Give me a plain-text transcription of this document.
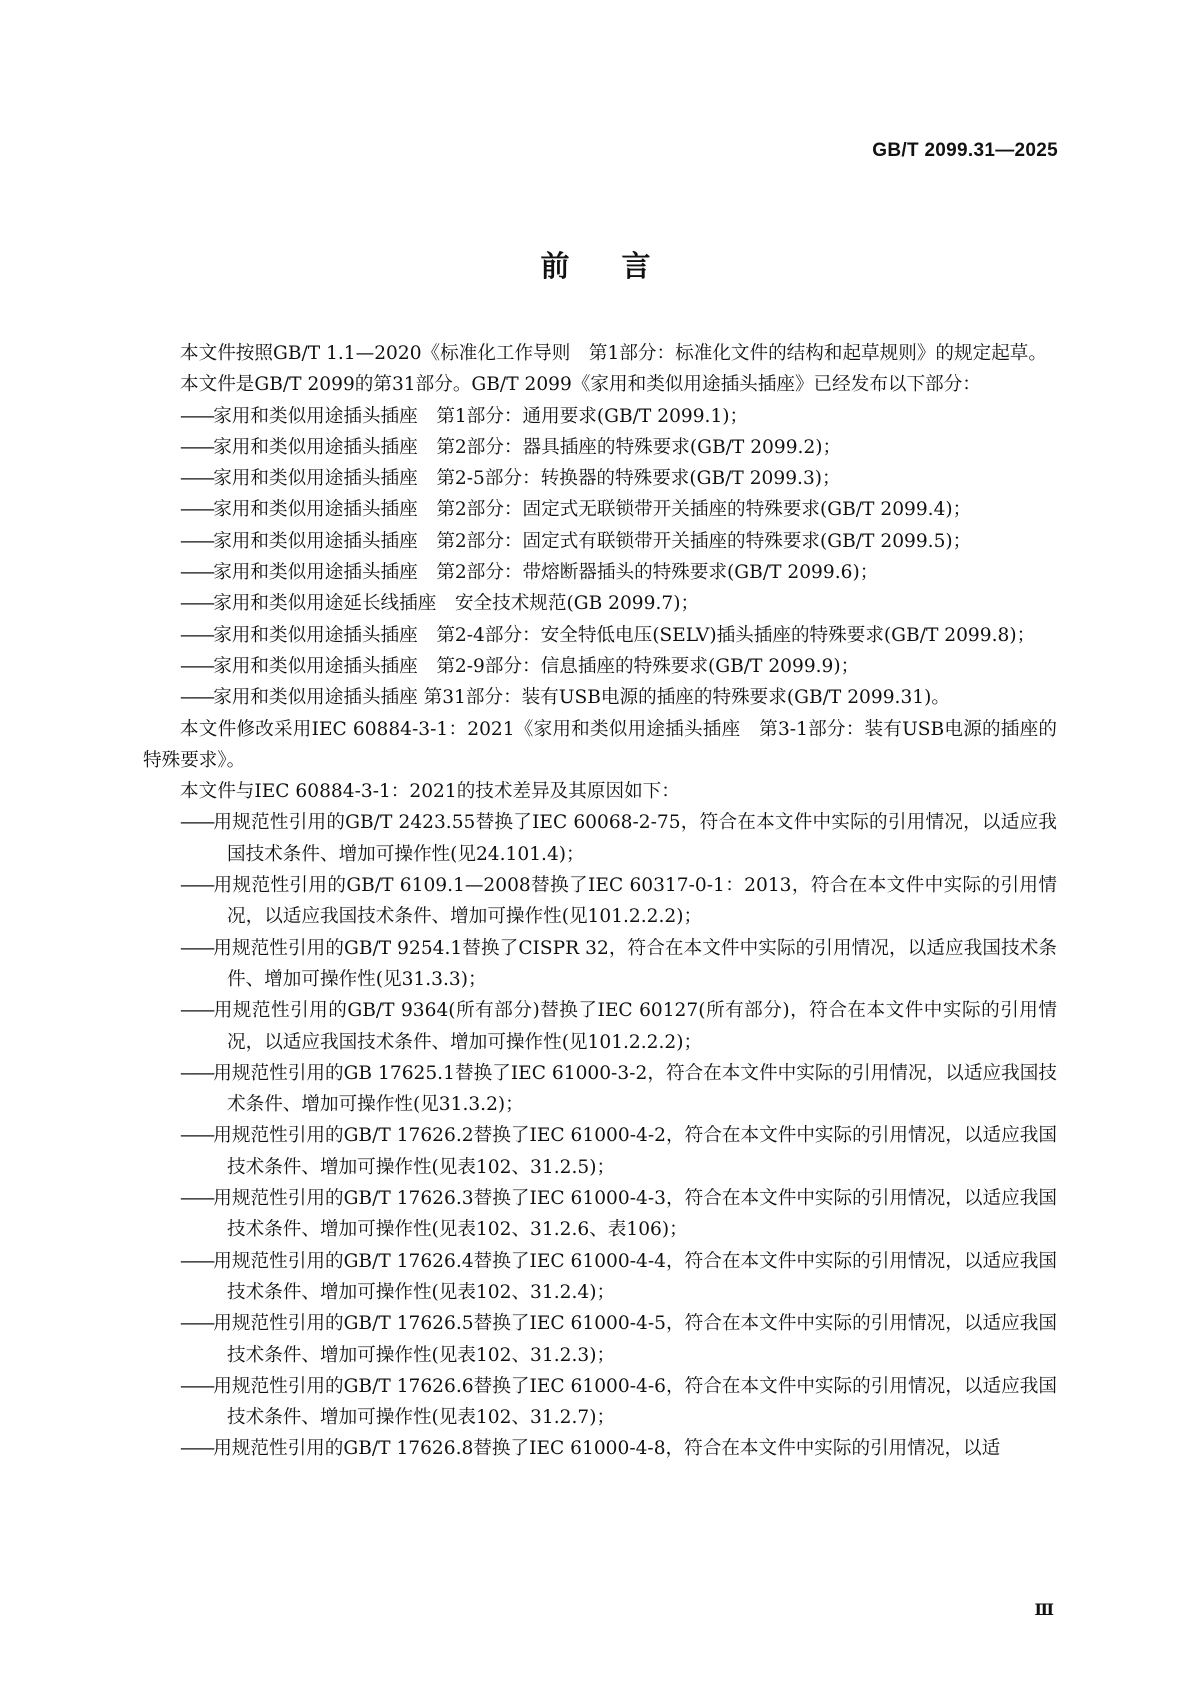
GB/T 2099.31—2025
前言

本文件按照GB/T 1.1—2020《标准化工作导则　第1部分：标准化文件的结构和起草规则》的规定起草。

本文件是GB/T 2099的第31部分。GB/T 2099《家用和类似用途插头插座》已经发布以下部分：

——家用和类似用途插头插座　第1部分：通用要求(GB/T 2099.1)；

——家用和类似用途插头插座　第2部分：器具插座的特殊要求(GB/T 2099.2)；

——家用和类似用途插头插座　第2-5部分：转换器的特殊要求(GB/T 2099.3)；

——家用和类似用途插头插座　第2部分：固定式无联锁带开关插座的特殊要求(GB/T 2099.4)；

——家用和类似用途插头插座　第2部分：固定式有联锁带开关插座的特殊要求(GB/T 2099.5)；

——家用和类似用途插头插座　第2部分：带熔断器插头的特殊要求(GB/T 2099.6)；

——家用和类似用途延长线插座　安全技术规范(GB 2099.7)；

——家用和类似用途插头插座　第2-4部分：安全特低电压(SELV)插头插座的特殊要求(GB/T 2099.8)；

——家用和类似用途插头插座　第2-9部分：信息插座的特殊要求(GB/T 2099.9)；

——家用和类似用途插头插座 第31部分：装有USB电源的插座的特殊要求(GB/T 2099.31)。

本文件修改采用IEC 60884-3-1：2021《家用和类似用途插头插座　第3-1部分：装有USB电源的插座的特殊要求》。

本文件与IEC 60884-3-1：2021的技术差异及其原因如下：

——用规范性引用的GB/T 2423.55替换了IEC 60068-2-75，符合在本文件中实际的引用情况，以适应我国技术条件、增加可操作性(见24.101.4)；

——用规范性引用的GB/T 6109.1—2008替换了IEC 60317-0-1：2013，符合在本文件中实际的引用情况，以适应我国技术条件、增加可操作性(见101.2.2.2)；

——用规范性引用的GB/T 9254.1替换了CISPR 32，符合在本文件中实际的引用情况，以适应我国技术条件、增加可操作性(见31.3.3)；

——用规范性引用的GB/T 9364(所有部分)替换了IEC 60127(所有部分)，符合在本文件中实际的引用情况，以适应我国技术条件、增加可操作性(见101.2.2.2)；

——用规范性引用的GB 17625.1替换了IEC 61000-3-2，符合在本文件中实际的引用情况，以适应我国技术条件、增加可操作性(见31.3.2)；

——用规范性引用的GB/T 17626.2替换了IEC 61000-4-2，符合在本文件中实际的引用情况，以适应我国技术条件、增加可操作性(见表102、31.2.5)；

——用规范性引用的GB/T 17626.3替换了IEC 61000-4-3，符合在本文件中实际的引用情况，以适应我国技术条件、增加可操作性(见表102、31.2.6、表106)；

——用规范性引用的GB/T 17626.4替换了IEC 61000-4-4，符合在本文件中实际的引用情况，以适应我国技术条件、增加可操作性(见表102、31.2.4)；

——用规范性引用的GB/T 17626.5替换了IEC 61000-4-5，符合在本文件中实际的引用情况，以适应我国技术条件、增加可操作性(见表102、31.2.3)；

——用规范性引用的GB/T 17626.6替换了IEC 61000-4-6，符合在本文件中实际的引用情况，以适应我国技术条件、增加可操作性(见表102、31.2.7)；

——用规范性引用的GB/T 17626.8替换了IEC 61000-4-8，符合在本文件中实际的引用情况，以适

Ⅲ
